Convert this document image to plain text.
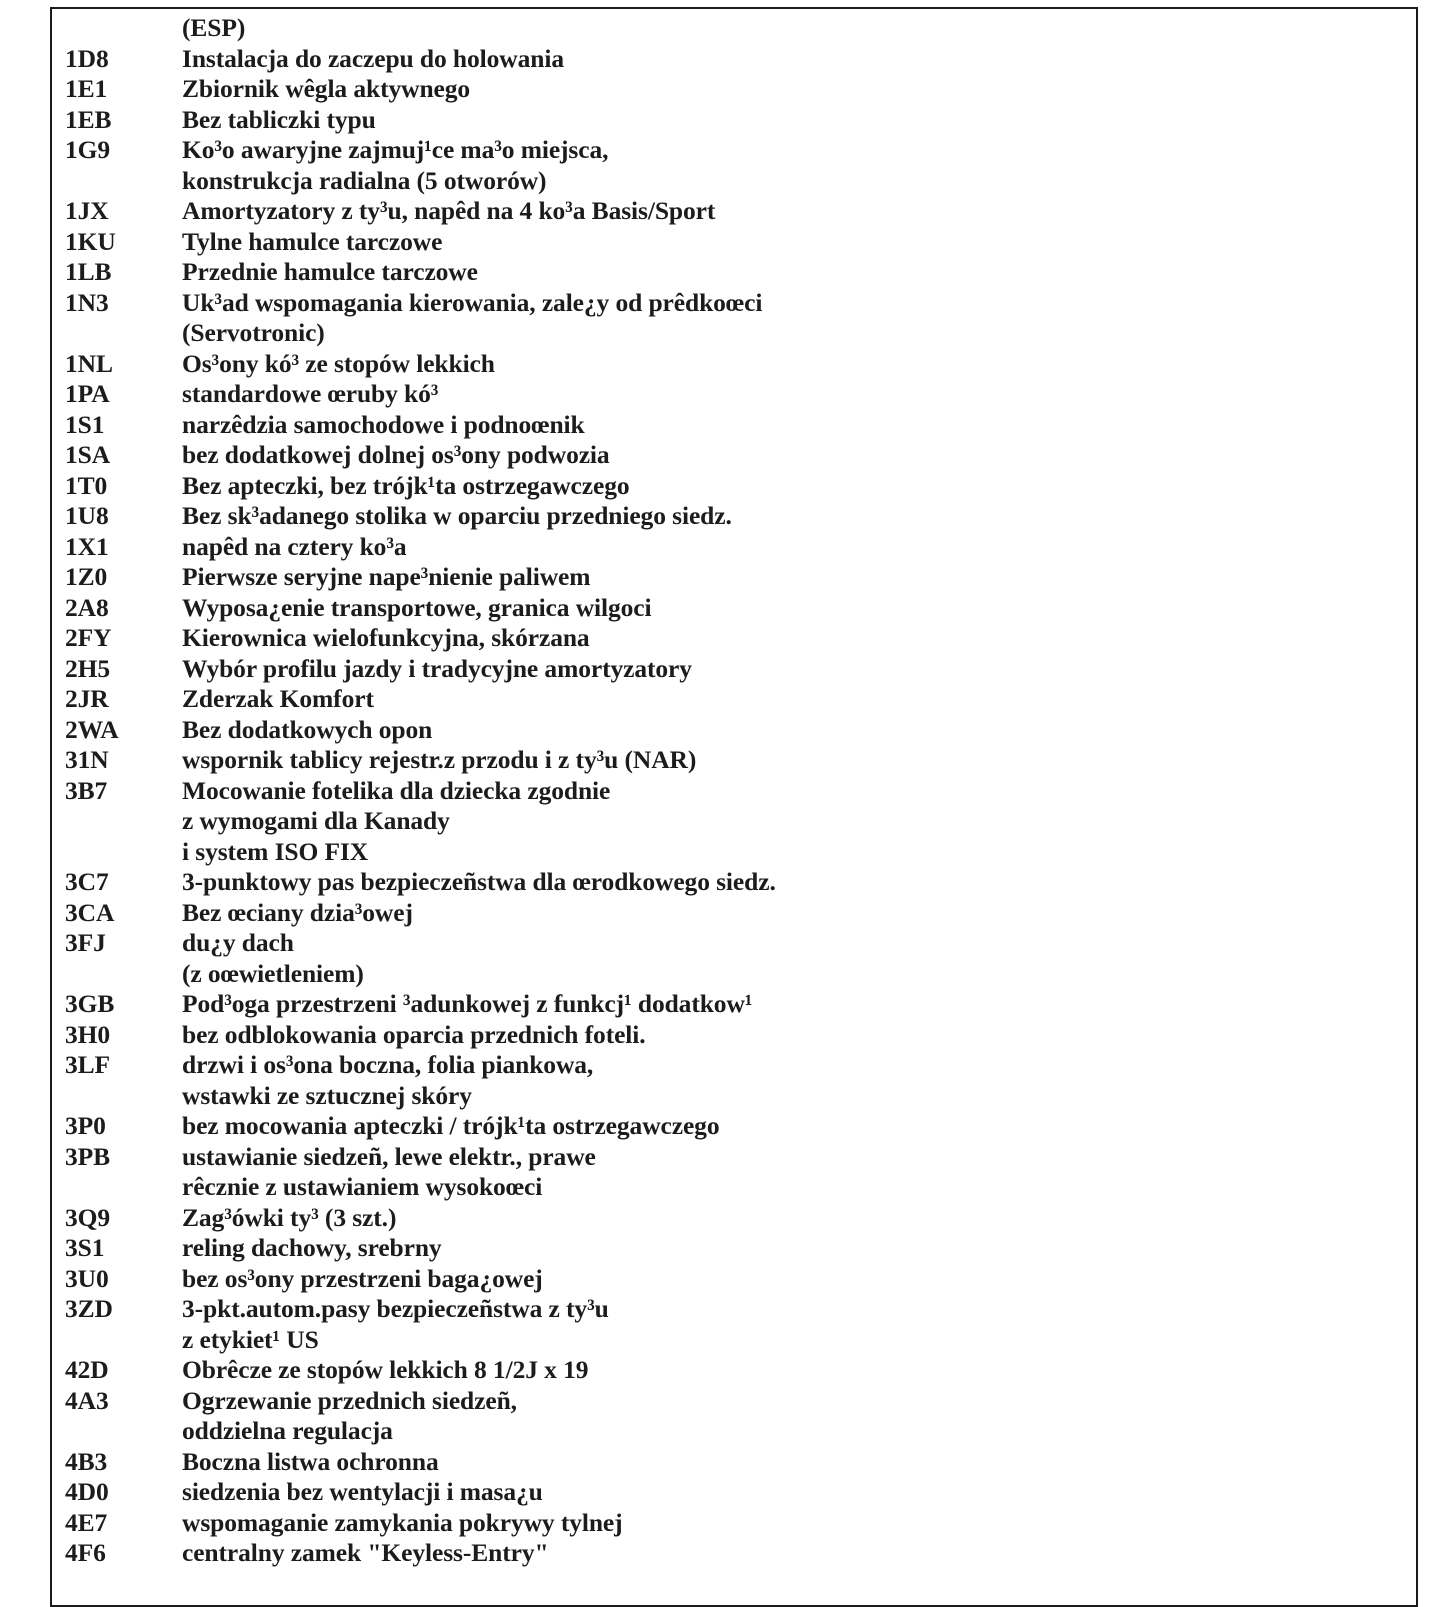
(ESP)
1D8	Instalacja do zaczepu do holowania
1E1	Zbiornik wêgla aktywnego
1EB	Bez tabliczki typu
1G9	Ko³o awaryjne zajmuj¹ce ma³o miejsca,
konstrukcja radialna (5 otworów)
1JX	Amortyzatory z ty³u, napêd na 4 ko³a Basis/Sport
1KU	Tylne hamulce tarczowe
1LB	Przednie hamulce tarczowe
1N3	Uk³ad wspomagania kierowania, zale¿y od prêdkoœci
(Servotronic)
1NL	Os³ony kó³ ze stopów lekkich
1PA	standardowe œruby kó³
1S1	narzêdzia samochodowe i podnoœnik
1SA	bez dodatkowej dolnej os³ony podwozia
1T0	Bez apteczki, bez trójk¹ta ostrzegawczego
1U8	Bez sk³adanego stolika w oparciu przedniego siedz.
1X1	napêd na cztery ko³a
1Z0	Pierwsze seryjne nape³nienie paliwem
2A8	Wyposa¿enie transportowe, granica wilgoci
2FY	Kierownica wielofunkcyjna, skórzana
2H5	Wybór profilu jazdy i tradycyjne amortyzatory
2JR	Zderzak Komfort
2WA	Bez dodatkowych opon
31N	wspornik tablicy rejestr.z przodu i z ty³u (NAR)
3B7	Mocowanie fotelika dla dziecka zgodnie
z wymogami dla Kanady
i system ISO FIX
3C7	3-punktowy pas bezpieczeñstwa dla œrodkowego siedz.
3CA	Bez œciany dzia³owej
3FJ	du¿y dach
(z oœwietleniem)
3GB	Pod³oga przestrzeni ³adunkowej z funkcj¹ dodatkow¹
3H0	bez odblokowania oparcia przednich foteli.
3LF	drzwi i os³ona boczna, folia piankowa,
wstawki ze sztucznej skóry
3P0	bez mocowania apteczki / trójk¹ta ostrzegawczego
3PB	ustawianie siedzeñ, lewe elektr., prawe
rêcznie z ustawianiem wysokoœci
3Q9	Zag³ówki ty³ (3 szt.)
3S1	reling dachowy, srebrny
3U0	bez os³ony przestrzeni baga¿owej
3ZD	3-pkt.autom.pasy bezpieczeñstwa z ty³u
z etykiet¹ US
42D	Obrêcze ze stopów lekkich 8 1/2J x 19
4A3	Ogrzewanie przednich siedzeñ,
oddzielna regulacja
4B3	Boczna listwa ochronna
4D0	siedzenia bez wentylacji i masa¿u
4E7	wspomaganie zamykania pokrywy tylnej
4F6	centralny zamek "Keyless-Entry"
